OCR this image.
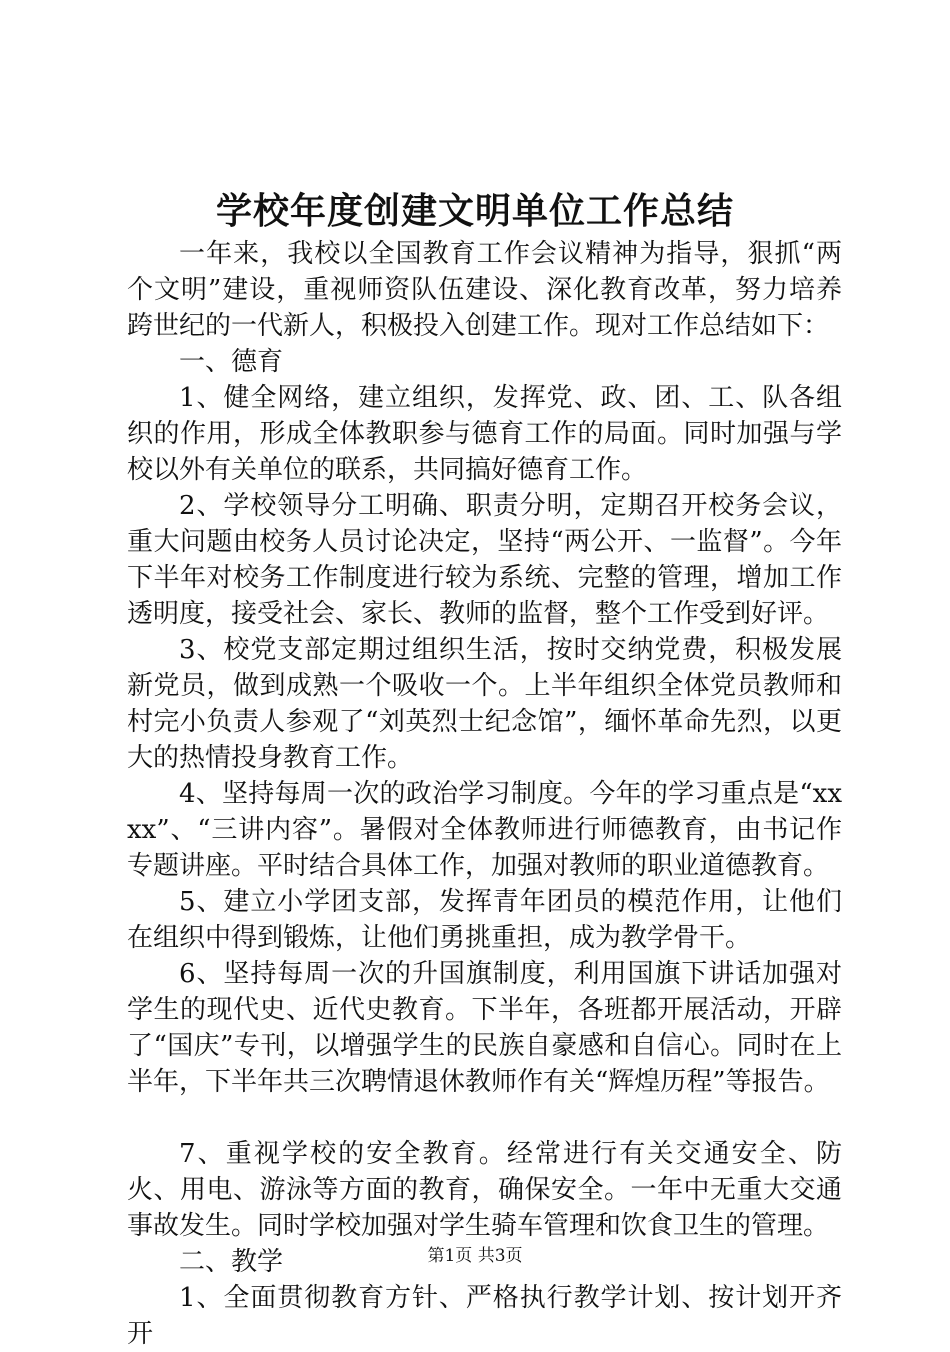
学校年度创建文明单位工作总结

一年来，我校以全国教育工作会议精神为指导，狠抓“两个文明”建设，重视师资队伍建设、深化教育改革，努力培养跨世纪的一代新人，积极投入创建工作。现对工作总结如下：

一、德育

1、健全网络，建立组织，发挥党、政、团、工、队各组织的作用，形成全体教职参与德育工作的局面。同时加强与学校以外有关单位的联系，共同搞好德育工作。

2、学校领导分工明确、职责分明，定期召开校务会议，重大问题由校务人员讨论决定，坚持“两公开、一监督”。今年下半年对校务工作制度进行较为系统、完整的管理，增加工作透明度，接受社会、家长、教师的监督，整个工作受到好评。

3、校党支部定期过组织生活，按时交纳党费，积极发展新党员，做到成熟一个吸收一个。上半年组织全体党员教师和村完小负责人参观了“刘英烈士纪念馆”，缅怀革命先烈，以更大的热情投身教育工作。

4、坚持每周一次的政治学习制度。今年的学习重点是“xxxx”、“三讲内容”。暑假对全体教师进行师德教育，由书记作专题讲座。平时结合具体工作，加强对教师的职业道德教育。

5、建立小学团支部，发挥青年团员的模范作用，让他们在组织中得到锻炼，让他们勇挑重担，成为教学骨干。

6、坚持每周一次的升国旗制度，利用国旗下讲话加强对学生的现代史、近代史教育。下半年，各班都开展活动，开辟了“国庆”专刊，以增强学生的民族自豪感和自信心。同时在上半年，下半年共三次聘情退休教师作有关“辉煌历程”等报告。

7、重视学校的安全教育。经常进行有关交通安全、防火、用电、游泳等方面的教育，确保安全。一年中无重大交通事故发生。同时学校加强对学生骑车管理和饮食卫生的管理。

二、教学

1、全面贯彻教育方针、严格执行教学计划、按计划开齐开

第1页 共3页
